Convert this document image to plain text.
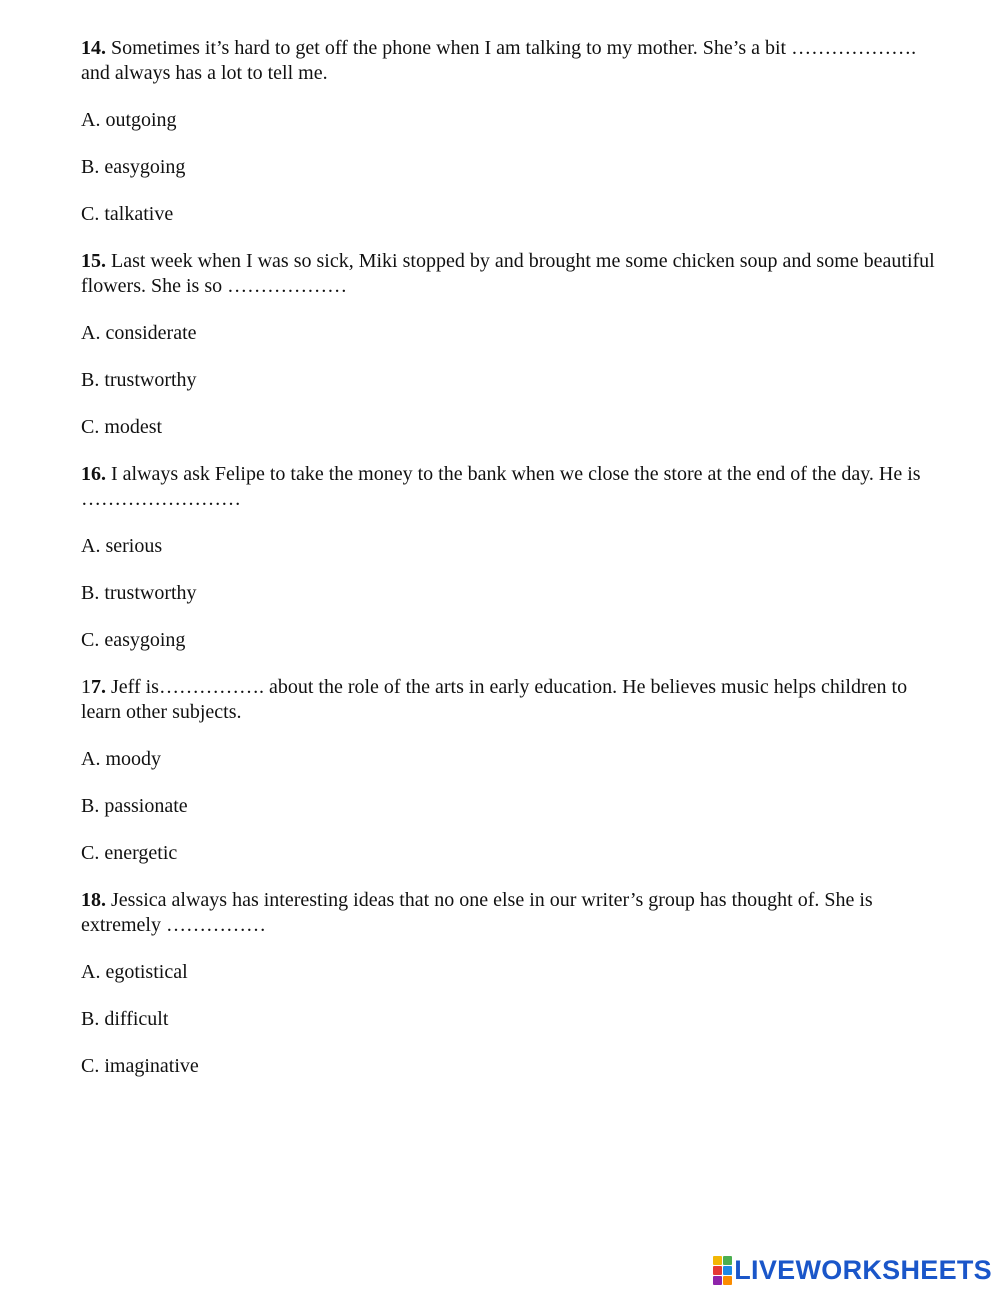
14. Sometimes it’s hard to get off the phone when I am talking to my mother. She’s a bit ………………. and always has a lot to tell me.

A. outgoing

B. easygoing

C. talkative

15. Last week when I was so sick, Miki stopped by and brought me some chicken soup and some beautiful flowers. She is so ………………

A. considerate

B. trustworthy

C. modest

16. I always ask Felipe to take the money to the bank when we close the store at the end of the day. He is ……………………

A. serious

B. trustworthy

C. easygoing

17. Jeff is……………. about the role of the arts in early education. He believes music helps children to learn other subjects.

A. moody

B. passionate

C. energetic

18. Jessica always has interesting ideas that no one else in our writer’s group has thought of. She is extremely ……………

A. egotistical

B. difficult

C. imaginative

LIVEWORKSHEETS
